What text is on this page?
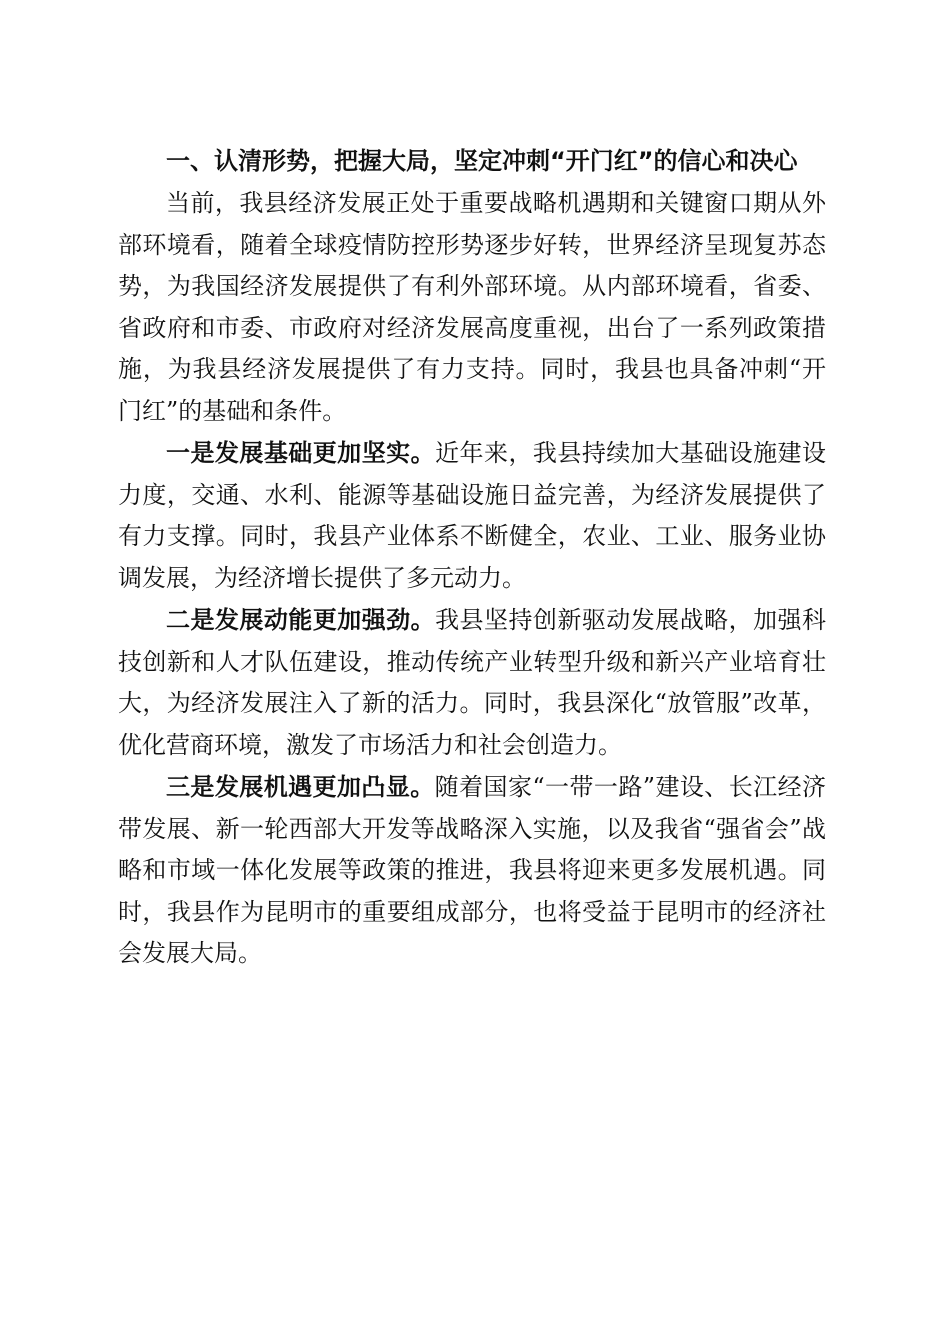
一、认清形势，把握大局，坚定冲刺“开门红”的信心和决心

当前，我县经济发展正处于重要战略机遇期和关键窗口期从外部环境看，随着全球疫情防控形势逐步好转，世界经济呈现复苏态势，为我国经济发展提供了有利外部环境。从内部环境看，省委、省政府和市委、市政府对经济发展高度重视，出台了一系列政策措施，为我县经济发展提供了有力支持。同时，我县也具备冲刺“开门红”的基础和条件。

一是发展基础更加坚实。近年来，我县持续加大基础设施建设力度，交通、水利、能源等基础设施日益完善，为经济发展提供了有力支撑。同时，我县产业体系不断健全，农业、工业、服务业协调发展，为经济增长提供了多元动力。

二是发展动能更加强劲。我县坚持创新驱动发展战略，加强科技创新和人才队伍建设，推动传统产业转型升级和新兴产业培育壮大，为经济发展注入了新的活力。同时，我县深化“放管服”改革，优化营商环境，激发了市场活力和社会创造力。

三是发展机遇更加凸显。随着国家“一带一路”建设、长江经济带发展、新一轮西部大开发等战略深入实施，以及我省“强省会”战略和市域一体化发展等政策的推进，我县将迎来更多发展机遇。同时，我县作为昆明市的重要组成部分，也将受益于昆明市的经济社会发展大局。
